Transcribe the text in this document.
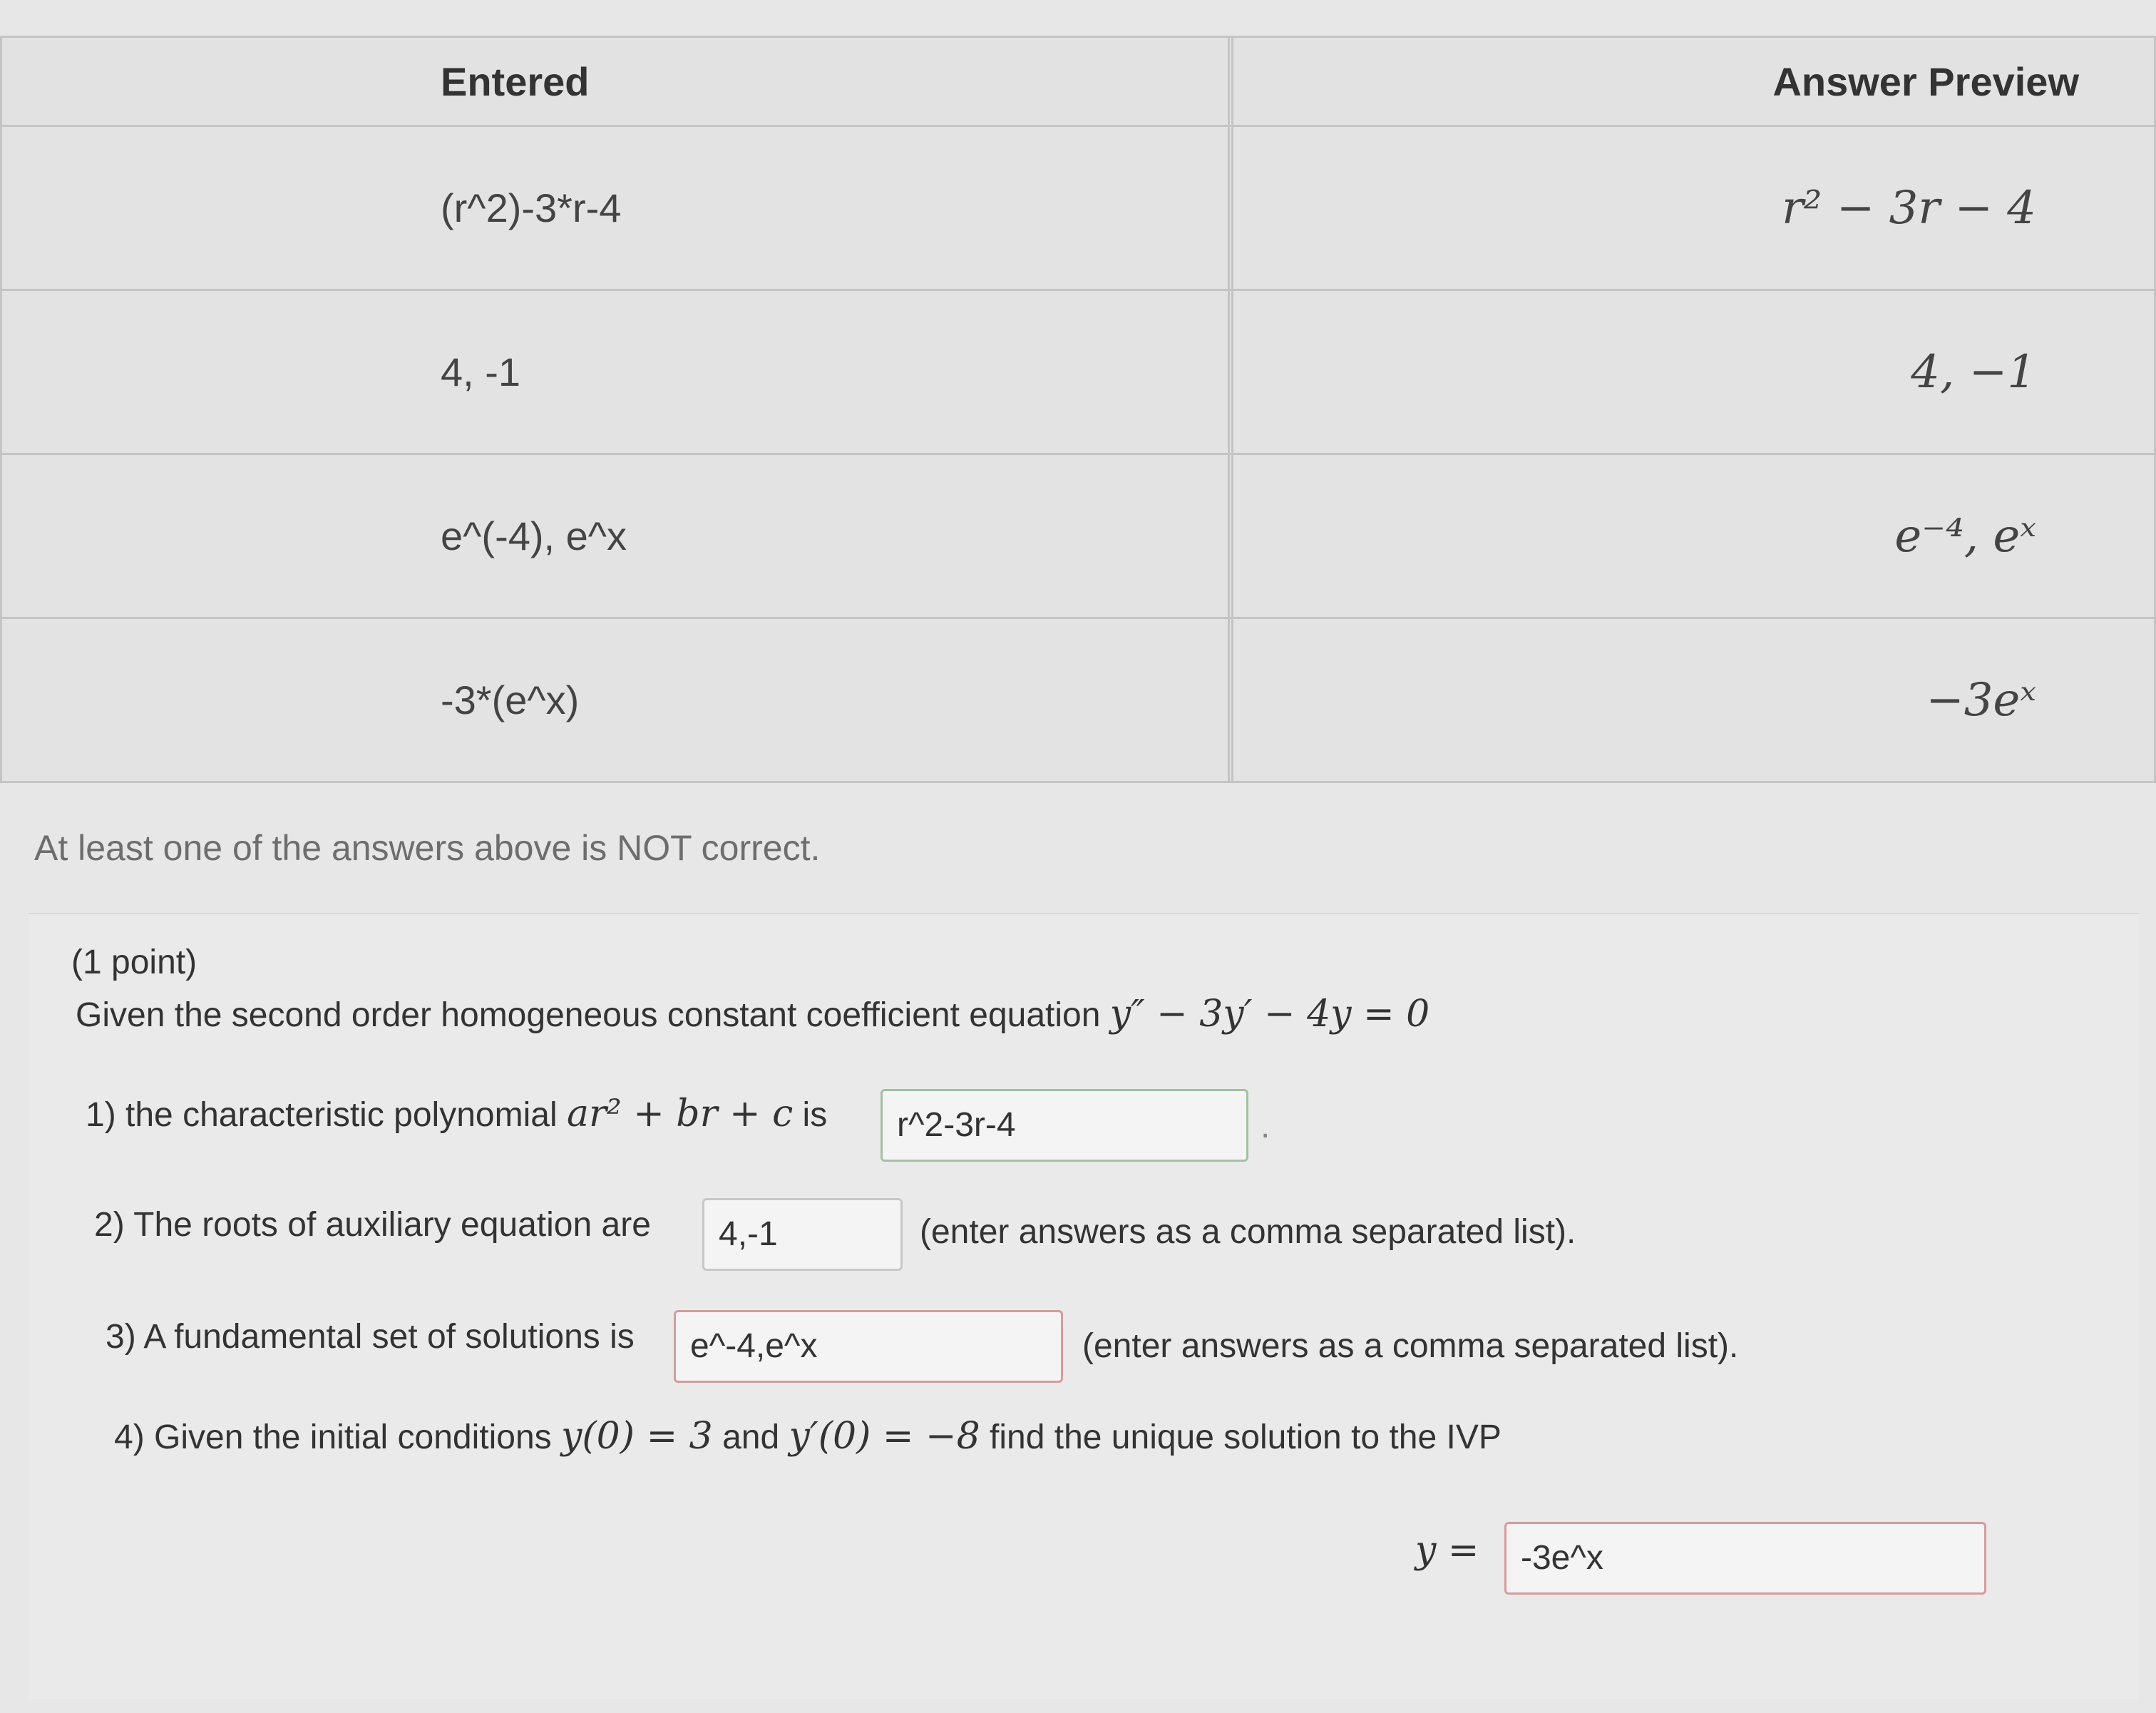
Entered		Answer Preview
(r^2)-3*r-4		r² − 3r − 4
4, -1		4, −1
e^(-4), e^x		e⁻⁴, eˣ
-3*(e^x)		−3eˣ
At least one of the answers above is NOT correct.
(1 point)
Given the second order homogeneous constant coefficient equation y″ − 3y′ − 4y = 0
1) the characteristic polynomial ar² + br + c is	r^2-3r-4	.
2) The roots of auxiliary equation are	4,-1	(enter answers as a comma separated list).
3) A fundamental set of solutions is	e^-4,e^x	(enter answers as a comma separated list).
4) Given the initial conditions y(0) = 3 and y′(0) = −8 find the unique solution to the IVP
y =	-3e^x
